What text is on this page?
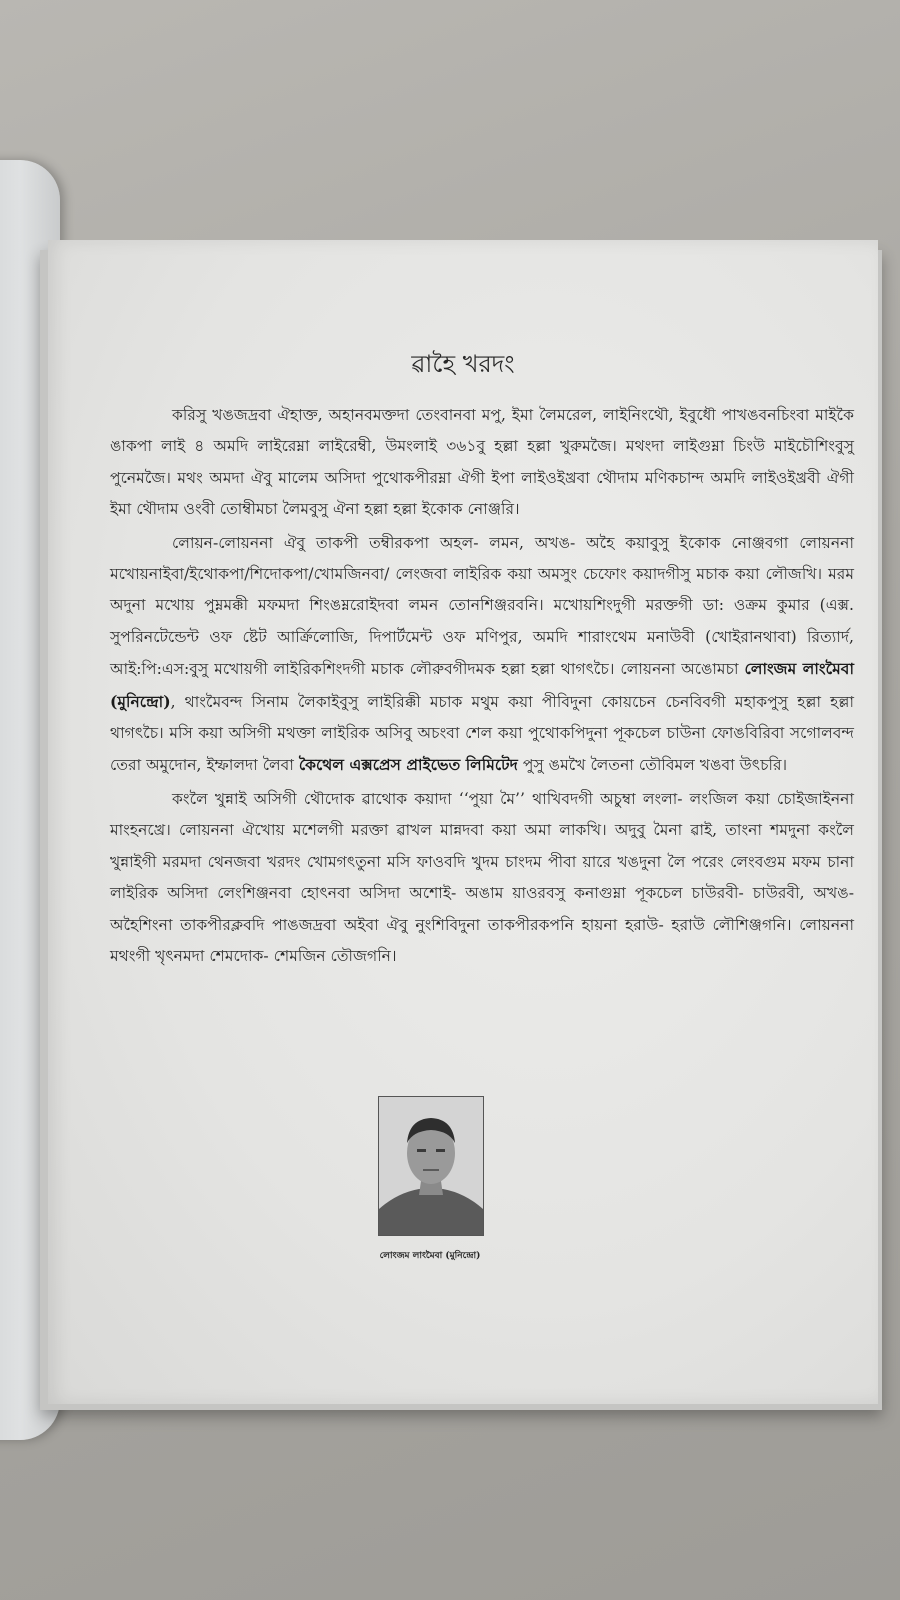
ৱাহৈ খরদং

করিসু খঙজদ্রবা ঐহাক্ত, অহানবমক্তদা তেংবানবা মপু, ইমা লৈমরেল, লাইনিংথৌ, ইবুধৌ পাখঙবনচিংবা মাইকৈ ঙাকপা লাই ৪ অমদি লাইরেম্না লাইরেম্বী, উমংলাই ৩৬১বু হল্লা হল্লা খুরুমজৈ। মথংদা লাইগুম্না চিংউ মাইচৌশিংবুসু পুনেমজৈ। মথং অমদা ঐবু মালেম অসিদা পুথোকপীরম্না ঐগী ইপা লাইওইখ্রবা থৌদাম মণিকচান্দ অমদি লাইওইখ্রবী ঐগী ইমা থৌদাম ওংবী তোম্বীমচা লৈমবুসু ঐনা হল্লা হল্লা ইকোক নোঞ্জরি।

লোয়ন-লোয়ননা ঐবু তাকপী তম্বীরকপা অহল- লমন, অখঙ- অহৈ কয়াবুসু ইকোক নোঞ্জবগা লোয়ননা মখোয়নাইবা/ইথোকপা/শিদোকপা/খোমজিনবা/ লেংজবা লাইরিক কয়া অমসুং চেফোং কয়াদগীসু মচাক কয়া লৌজখি। মরম অদুনা মখোয় পুম্নমক্কী মফমদা শিংঙম্নরোইদবা লমন তোনশিঞ্জরবনি। মখোয়শিংদুগী মরক্তগী ডা: ওক্রম কুমার (এক্স. সুপরিনটেন্ডেন্ট ওফ ষ্টেট আর্ক্রিলোজি, দিপার্টমেন্ট ওফ মণিপুর, অমদি শারাংথেম মনাউবী (খোইরানথাবা) রিত্যার্দ, আই:পি:এস:বুসু মখোয়গী লাইরিকশিংদগী মচাক লৌরুবগীদমক হল্লা হল্লা থাগৎচৈ। লোয়ননা অঙোমচা লোংজম লাংমৈবা (মুনিন্দ্রো), থাংমৈবন্দ সিনাম লৈকাইবুসু লাইরিক্কী মচাক মথুম কয়া পীবিদুনা কোয়চেন চেনবিবগী মহাকপুসু হল্লা হল্লা থাগৎচৈ। মসি কয়া অসিগী মথক্তা লাইরিক অসিবু অচংবা শেল কয়া পুথোকপিদুনা পূকচেল চাউনা ফোঙবিরিবা সগোলবন্দ তেরা অমুদোন, ইম্ফালদা লৈবা কৈথেল এক্সপ্রেস প্রাইভেত লিমিটেদ পুসু ঙমখৈ লৈতনা তৌবিমল খঙবা উৎচরি।

কংলৈ খুন্নাই অসিগী থৌদোক ৱাথোক কয়াদা ‘‘পুয়া মৈ’’ থাখিবদগী অচুম্বা লংলা- লংজিল কয়া চোইজাইননা মাংহনখ্রে। লোয়ননা ঐখোয় মশেলগী মরক্তা ৱাখল মান্নদবা কয়া অমা লাকখি। অদুবু মৈনা ৱাই, তাংনা শমদুনা কংলৈ খুন্নাইগী মরমদা থেনজবা খরদং খোমগৎতুনা মসি ফাওবদি খুদম চাংদম পীবা য়ারে খঙদুনা লৈ পরেং লেংবগুম মফম চানা লাইরিক অসিদা লেংশিঞ্জনবা হোৎনবা অসিদা অশোই- অঙাম য়াওরবসু কনাগুম্না পূকচেল চাউরবী- চাউরবী, অখঙ- অহৈশিংনা তাকপীরক্লবদি পাঙজদ্রবা অইবা ঐবু নুংশিবিদুনা তাকপীরকপনি হায়না হরাউ- হরাউ লৌশিঞ্জগনি। লোয়ননা মথংগী খৃৎনমদা শেমদোক- শেমজিন তৌজগনি।

লোংজম লাংমৈবা (মুনিন্দ্রো)
